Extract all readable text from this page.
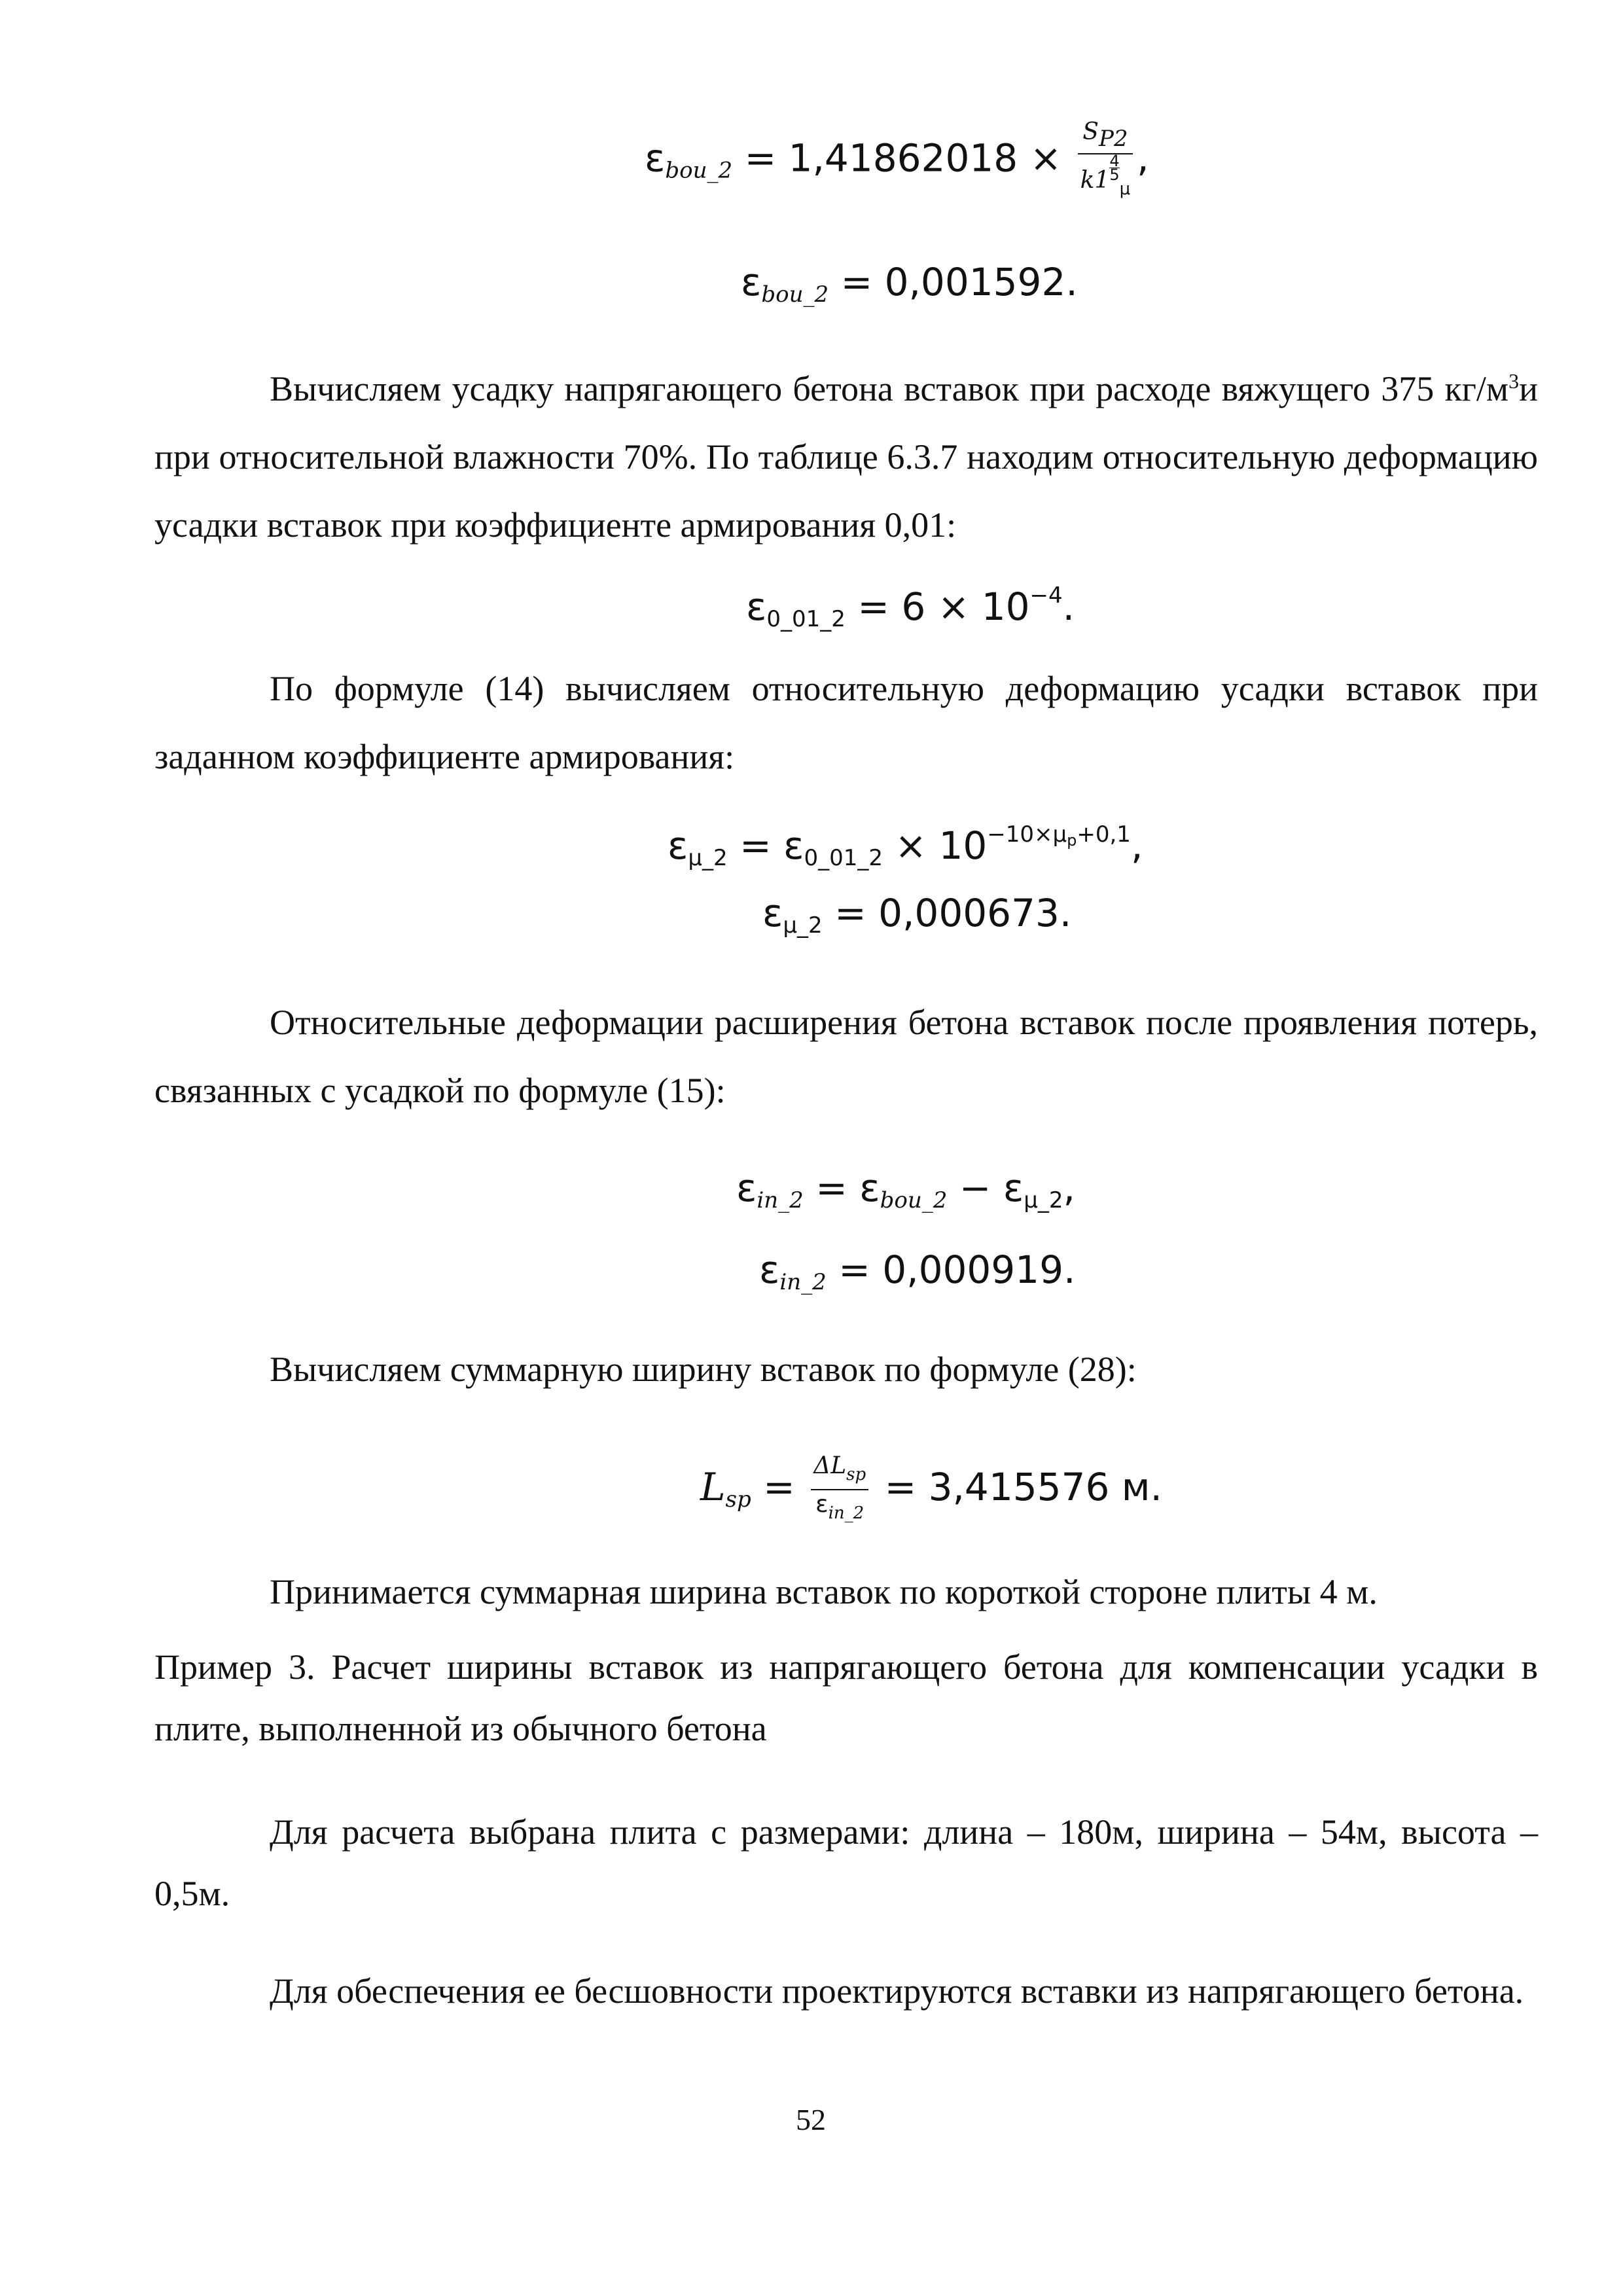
$\varepsilon_{bou\_2} = 1,41862018 \times SP2$
$k1 \frac{4}{5}$
$_\mu$ ,
$\varepsilon_{bou\_2} = 0,001592$.

Вычисляем усадку напрягающего бетона вставок при расходе вяжущего 375 $кг/м^3и$ при относительной влажности 70%. По таблице 6.3.7 находим относительную деформацию усадки вставок при коэффициенте армирования 0,01:

$\varepsilon_{0\_01\_2} = 6 \times 10^{-4}$.

По формуле (14) вычисляем относительную деформацию усадки вставок при заданном коэффициенте армирования:

$\varepsilon_{\mu\_2} = \varepsilon_{0\_01\_2} \times 10^{-10\times\mu p+0,1}$,
$\varepsilon_{\mu\_2} = 0,000673$.

Относительные деформации расширения бетона вставок после проявления потерь, связанных с усадкой по формуле (15):

$\varepsilon_{in\_2} = \varepsilon_{bou\_2} - \varepsilon_{\mu\_2}$,
$\varepsilon_{in\_2} = 0,000919$.

Вычисляем суммарную ширину вставок по формуле (28):

$L_{sp} = \frac{\Delta L_{sp}}{\varepsilon_{in\_2}} = 3,415576$ м.

Принимается суммарная ширина вставок по короткой стороне плиты 4 м.

Пример 3. Расчет ширины вставок из напрягающего бетона для компенсации усадки в плите, выполненной из обычного бетона

Для расчета выбрана плита с размерами: длина – 180м, ширина – 54м, высота – 0,5м.

Для обеспечения ее бесшовности проектируются вставки из напрягающего бетона.

52
